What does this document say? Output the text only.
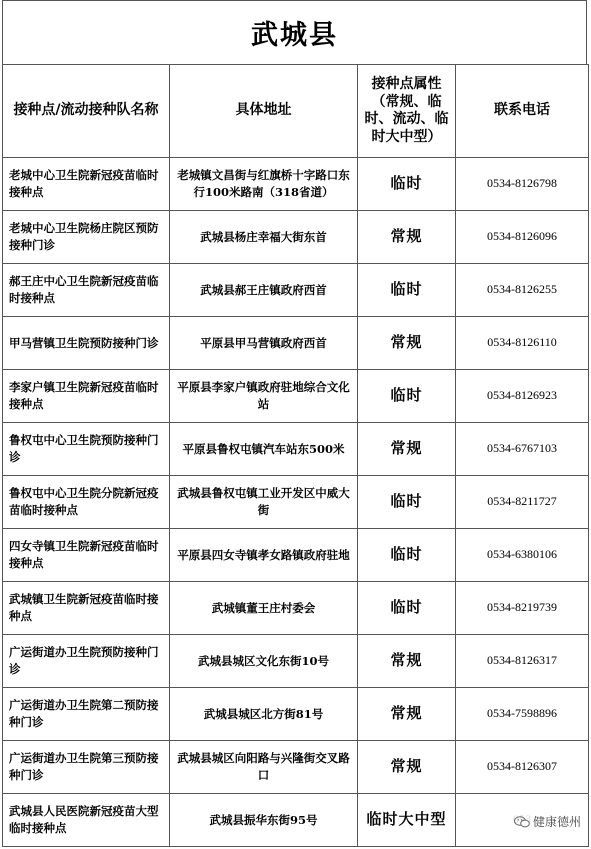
武城县
接种点/流动接种队名称	具体地址	接种点属性（常规、临时、流动、临时大中型）	联系电话
老城中心卫生院新冠疫苗临时接种点	老城镇文昌街与红旗桥十字路口东行100米路南（318省道）	临时	0534-8126798
老城中心卫生院杨庄院区预防接种门诊	武城县杨庄幸福大街东首	常规	0534-8126096
郝王庄中心卫生院新冠疫苗临时接种点	武城县郝王庄镇政府西首	临时	0534-8126255
甲马营镇卫生院预防接种门诊	平原县甲马营镇政府西首	常规	0534-8126110
李家户镇卫生院新冠疫苗临时接种点	平原县李家户镇政府驻地综合文化站	临时	0534-8126923
鲁权屯中心卫生院预防接种门诊	平原县鲁权屯镇汽车站东500米	常规	0534-6767103
鲁权屯中心卫生院分院新冠疫苗临时接种点	武城县鲁权屯镇工业开发区中威大街	临时	0534-8211727
四女寺镇卫生院新冠疫苗临时接种点	平原县四女寺镇孝女路镇政府驻地	临时	0534-6380106
武城镇卫生院新冠疫苗临时接种点	武城镇董王庄村委会	临时	0534-8219739
广运街道办卫生院预防接种门诊	武城县城区文化东街10号	常规	0534-8126317
广运街道办卫生院第二预防接种门诊	武城县城区北方街81号	常规	0534-7598896
广运街道办卫生院第三预防接种门诊	武城县城区向阳路与兴隆街交叉路口	常规	0534-8126307
武城县人民医院新冠疫苗大型临时接种点	武城县振华东街95号	临时大中型		健康德州
